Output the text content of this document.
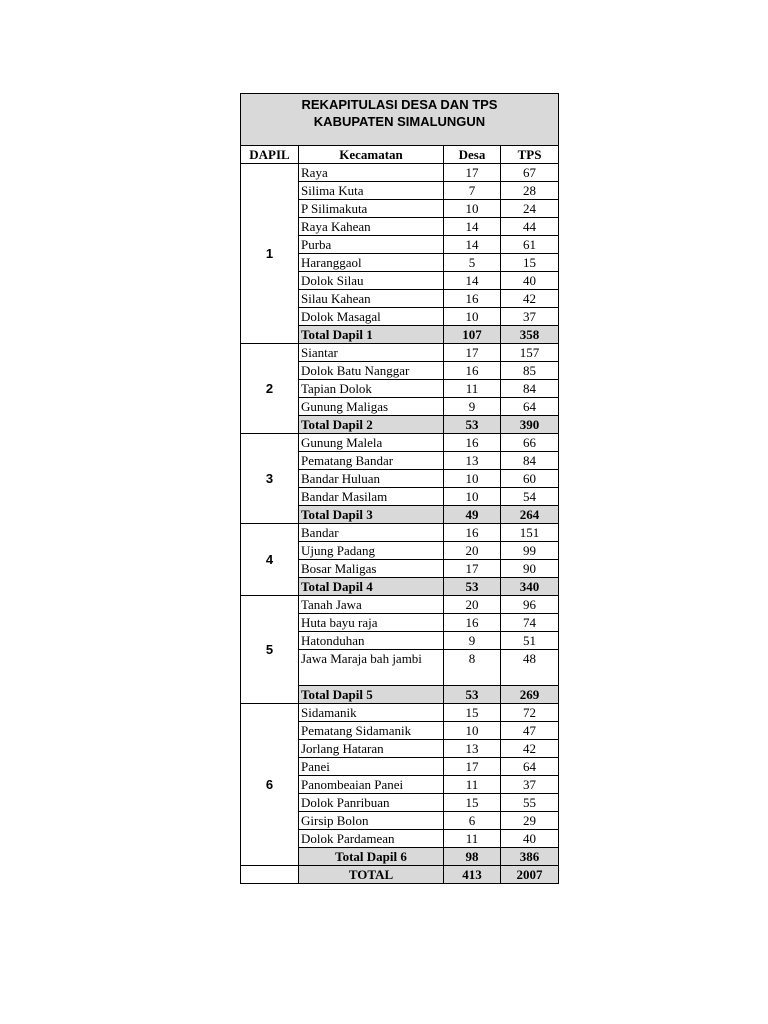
REKAPITULASI DESA DAN TPS
KABUPATEN SIMALUNGUN			

DAPIL	Kecamatan	Desa	TPS
1	Raya	17	67
	Silima Kuta	7	28
	P Silimakuta	10	24
	Raya Kahean	14	44
	Purba	14	61
	Haranggaol	5	15
	Dolok Silau	14	40
	Silau Kahean	16	42
	Dolok Masagal	10	37
	Total Dapil 1	107	358
2	Siantar	17	157
	Dolok Batu Nanggar	16	85
	Tapian Dolok	11	84
	Gunung Maligas	9	64
	Total Dapil 2	53	390
3	Gunung Malela	16	66
	Pematang Bandar	13	84
	Bandar Huluan	10	60
	Bandar Masilam	10	54
	Total Dapil 3	49	264
4	Bandar	16	151
	Ujung Padang	20	99
	Bosar Maligas	17	90
	Total Dapil 4	53	340
5	Tanah Jawa	20	96
	Huta bayu raja	16	74
	Hatonduhan	9	51
	Jawa Maraja bah jambi	8	48
	Total Dapil 5	53	269
6	Sidamanik	15	72
	Pematang Sidamanik	10	47
	Jorlang Hataran	13	42
	Panei	17	64
	Panombeaian Panei	11	37
	Dolok Panribuan	15	55
	Girsip Bolon	6	29
	Dolok Pardamean	11	40
	Total Dapil 6	98	386
	TOTAL	413	2007
